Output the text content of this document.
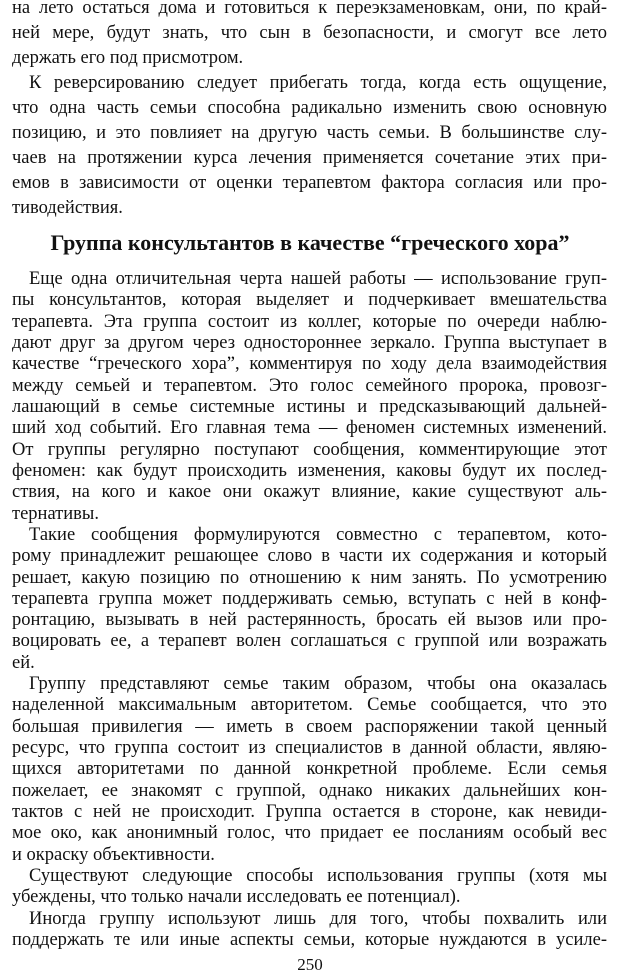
на лето остаться дома и готовиться к переэкзаменовкам, они, по край-
ней мере, будут знать, что сын в безопасности, и смогут все лето
держать его под присмотром.
К реверсированию следует прибегать тогда, когда есть ощущение,
что одна часть семьи способна радикально изменить свою основную
позицию, и это повлияет на другую часть семьи. В большинстве слу-
чаев на протяжении курса лечения применяется сочетание этих при-
емов в зависимости от оценки терапевтом фактора согласия или про-
тиводействия.
Группа консультантов в качестве “греческого хора”
Еще одна отличительная черта нашей работы — использование груп-
пы консультантов, которая выделяет и подчеркивает вмешательства
терапевта. Эта группа состоит из коллег, которые по очереди наблю-
дают друг за другом через одностороннее зеркало. Группа выступает в
качестве “греческого хора”, комментируя по ходу дела взаимодействия
между семьей и терапевтом. Это голос семейного пророка, провозг-
лашающий в семье системные истины и предсказывающий дальней-
ший ход событий. Его главная тема — феномен системных изменений.
От группы регулярно поступают сообщения, комментирующие этот
феномен: как будут происходить изменения, каковы будут их послед-
ствия, на кого и какое они окажут влияние, какие существуют аль-
тернативы.
Такие сообщения формулируются совместно с терапевтом, кото-
рому принадлежит решающее слово в части их содержания и который
решает, какую позицию по отношению к ним занять. По усмотрению
терапевта группа может поддерживать семью, вступать с ней в конф-
ронтацию, вызывать в ней растерянность, бросать ей вызов или про-
воцировать ее, а терапевт волен соглашаться с группой или возражать
ей.
Группу представляют семье таким образом, чтобы она оказалась
наделенной максимальным авторитетом. Семье сообщается, что это
большая привилегия — иметь в своем распоряжении такой ценный
ресурс, что группа состоит из специалистов в данной области, являю-
щихся авторитетами по данной конкретной проблеме. Если семья
пожелает, ее знакомят с группой, однако никаких дальнейших кон-
тактов с ней не происходит. Группа остается в стороне, как невиди-
мое око, как анонимный голос, что придает ее посланиям особый вес
и окраску объективности.
Существуют следующие способы использования группы (хотя мы
убеждены, что только начали исследовать ее потенциал).
Иногда группу используют лишь для того, чтобы похвалить или
поддержать те или иные аспекты семьи, которые нуждаются в усиле-
250
